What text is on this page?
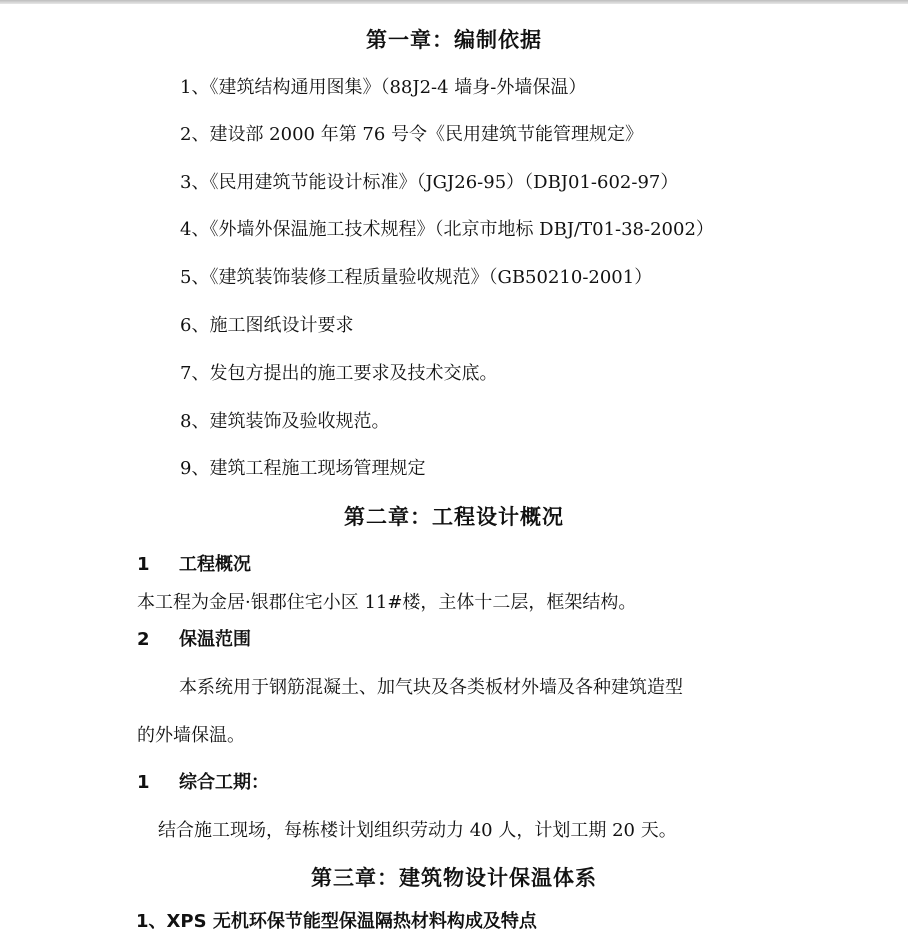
第一章：编制依据
1、《建筑结构通用图集》（88J2-4 墙身-外墙保温）
2、建设部 2000 年第 76 号令《民用建筑节能管理规定》
3、《民用建筑节能设计标准》（JGJ26-95）（DBJ01-602-97）
4、《外墙外保温施工技术规程》（北京市地标 DBJ/T01-38-2002）
5、《建筑装饰装修工程质量验收规范》（GB50210-2001）
6、施工图纸设计要求
7、发包方提出的施工要求及技术交底。
8、建筑装饰及验收规范。
9、建筑工程施工现场管理规定
第二章：工程设计概况
1 工程概况
本工程为金居·银郡住宅小区 11#楼，主体十二层，框架结构。
2 保温范围
本系统用于钢筋混凝土、加气块及各类板材外墙及各种建筑造型
的外墙保温。
1 综合工期：
结合施工现场，每栋楼计划组织劳动力 40 人，计划工期 20 天。
第三章：建筑物设计保温体系
1、XPS 无机环保节能型保温隔热材料构成及特点
